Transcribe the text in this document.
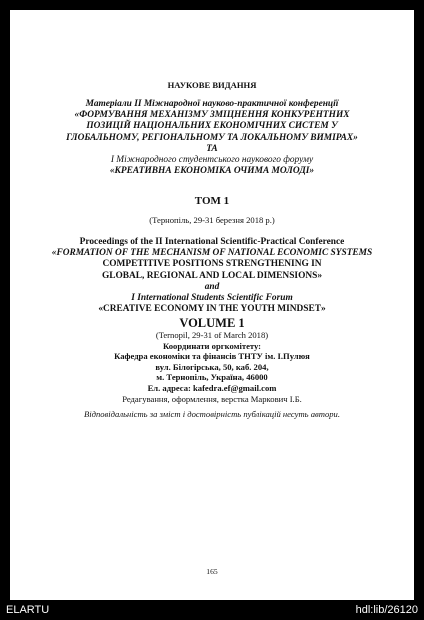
НАУКОВЕ ВИДАННЯ
Матеріали II Міжнародної науково-практичної конференції
«ФОРМУВАННЯ МЕХАНІЗМУ ЗМІЦНЕННЯ КОНКУРЕНТНИХ
ПОЗИЦІЙ НАЦІОНАЛЬНИХ ЕКОНОМІЧНИХ СИСТЕМ У
ГЛОБАЛЬНОМУ, РЕГІОНАЛЬНОМУ ТА ЛОКАЛЬНОМУ ВИМІРАХ»
ТА
I Міжнародного студентського наукового форуму
«КРЕАТИВНА ЕКОНОМІКА ОЧИМА МОЛОДІ»
ТОМ 1
(Тернопіль, 29-31 березня 2018 р.)
Proceedings of the II International Scientific-Practical Conference
«FORMATION OF THE MECHANISM OF NATIONAL ECONOMIC SYSTEMS
COMPETITIVE POSITIONS STRENGTHENING IN
GLOBAL, REGIONAL AND LOCAL DIMENSIONS»
and
I International Students Scientific Forum
«CREATIVE ECONOMY IN THE YOUTH MINDSET»
VOLUME 1
(Ternopil, 29-31 of March 2018)
Координати оргкомітету:
Кафедра економіки та фінансів ТНТУ ім. І.Пулюя
вул. Білогірська, 50, каб. 204,
м. Тернопіль, Україна, 46000
Ел. адреса: kafedra.ef@gmail.com
Редагування, оформлення, верстка Маркович І.Б.
Відповідальність за зміст і достовірність публікацій несуть автори.
165
ELARTU	hdl:lib/26120
